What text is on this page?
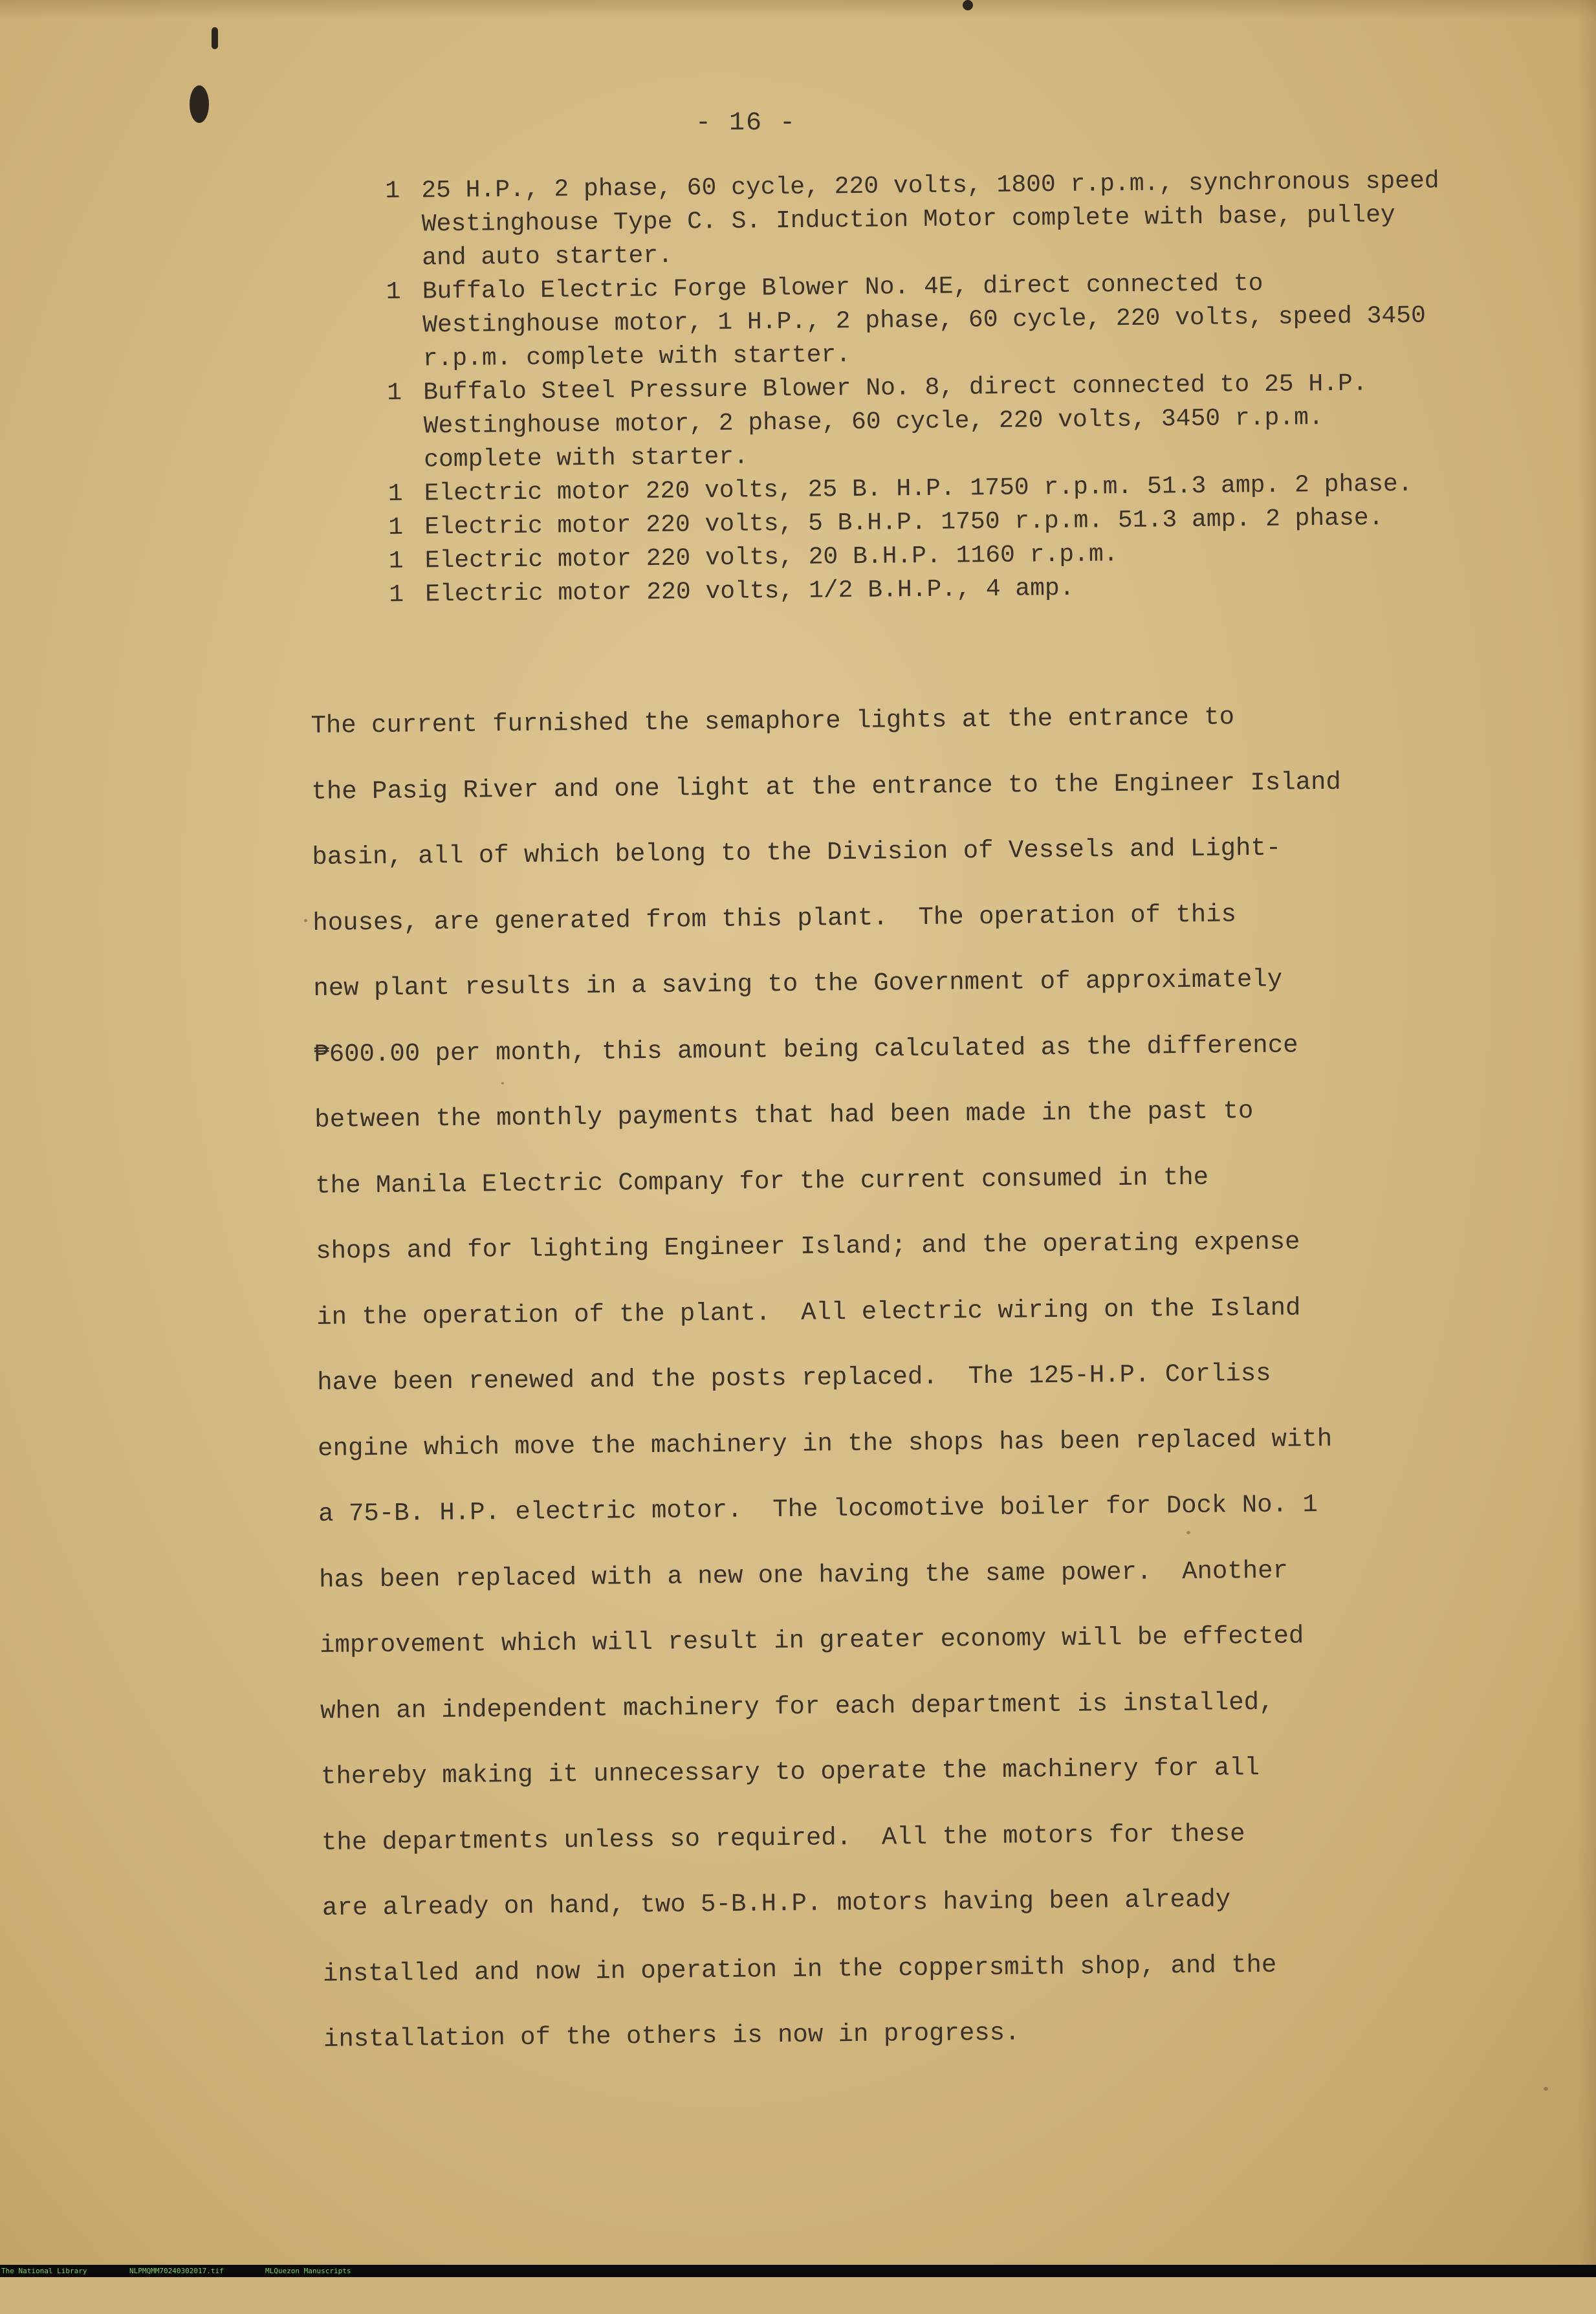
- 16 -
1 25 H.P., 2 phase, 60 cycle, 220 volts, 1800 r.p.m., synchronous speed Westinghouse Type C. S. Induction Motor complete with base, pulley and auto starter.
1 Buffalo Electric Forge Blower No. 4E, direct connected to Westinghouse motor, 1 H.P., 2 phase, 60 cycle, 220 volts, speed 3450 r.p.m. complete with starter.
1 Buffalo Steel Pressure Blower No. 8, direct connected to 25 H.P. Westinghouse motor, 2 phase, 60 cycle, 220 volts, 3450 r.p.m. complete with starter.
1 Electric motor 220 volts, 25 B. H.P. 1750 r.p.m. 51.3 amp. 2 phase.
1 Electric motor 220 volts, 5 B.H.P. 1750 r.p.m. 51.3 amp. 2 phase.
1 Electric motor 220 volts, 20 B.H.P. 1160 r.p.m.
1 Electric motor 220 volts, 1/2 B.H.P., 4 amp.

The current furnished the semaphore lights at the entrance to
the Pasig River and one light at the entrance to the Engineer Island
basin, all of which belong to the Division of Vessels and Light-
houses, are generated from this plant.  The operation of this
new plant results in a saving to the Government of approximately
₱600.00 per month, this amount being calculated as the difference
between the monthly payments that had been made in the past to
the Manila Electric Company for the current consumed in the
shops and for lighting Engineer Island; and the operating expense
in the operation of the plant.  All electric wiring on the Island
have been renewed and the posts replaced.  The 125-H.P. Corliss
engine which move the machinery in the shops has been replaced with
a 75-B. H.P. electric motor.  The locomotive boiler for Dock No. 1
has been replaced with a new one having the same power.  Another
improvement which will result in greater economy will be effected
when an independent machinery for each department is installed,
thereby making it unnecessary to operate the machinery for all
the departments unless so required.  All the motors for these
are already on hand, two 5-B.H.P. motors having been already
installed and now in operation in the coppersmith shop, and the
installation of the others is now in progress.

The National Library

	NLPMQMM70240302017.tif

	MLQuezon Manuscripts
